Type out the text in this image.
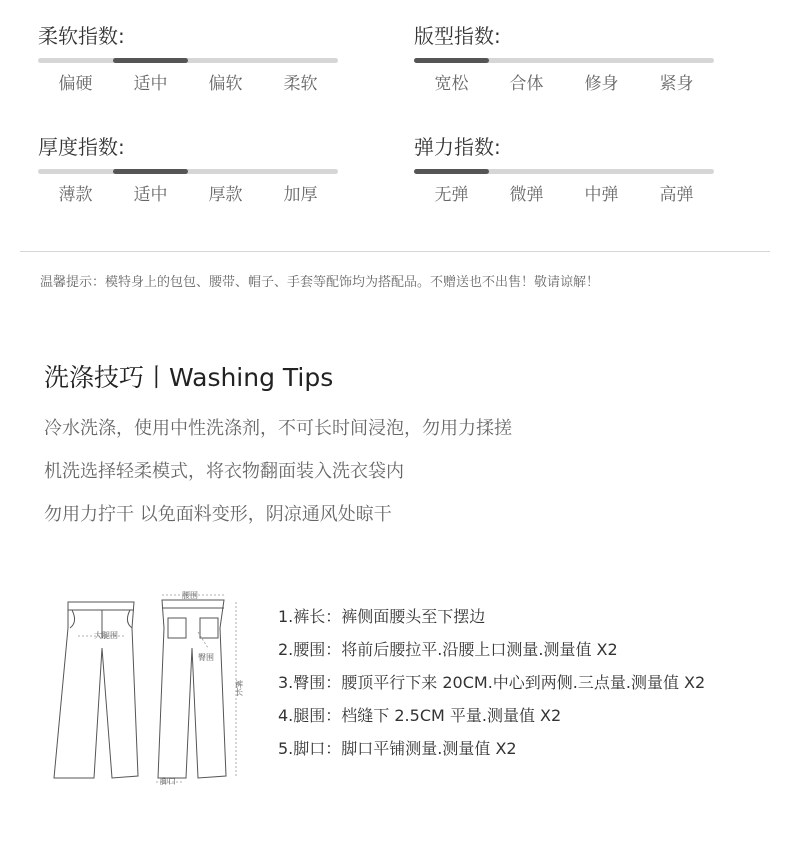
柔软指数:
偏硬	适中	偏软	柔软
版型指数:
宽松	合体	修身	紧身
厚度指数:
薄款	适中	厚款	加厚
弹力指数:
无弹	微弹	中弹	高弹
温馨提示：模特身上的包包、腰带、帽子、手套等配饰均为搭配品。不赠送也不出售！敬请谅解！
洗涤技巧丨Washing Tips
冷水洗涤，使用中性洗涤剂，不可长时间浸泡，勿用力揉搓
机洗选择轻柔模式，将衣物翻面装入洗衣袋内
勿用力拧干 以免面料变形，阴凉通风处晾干
腰围
大腿围
臀围
裤长
脚口
1.裤长：裤侧面腰头至下摆边
2.腰围：将前后腰拉平.沿腰上口测量.测量值 X2
3.臀围：腰顶平行下来 20CM.中心到两侧.三点量.测量值 X2
4.腿围：档缝下 2.5CM 平量.测量值 X2
5.脚口：脚口平铺测量.测量值 X2
